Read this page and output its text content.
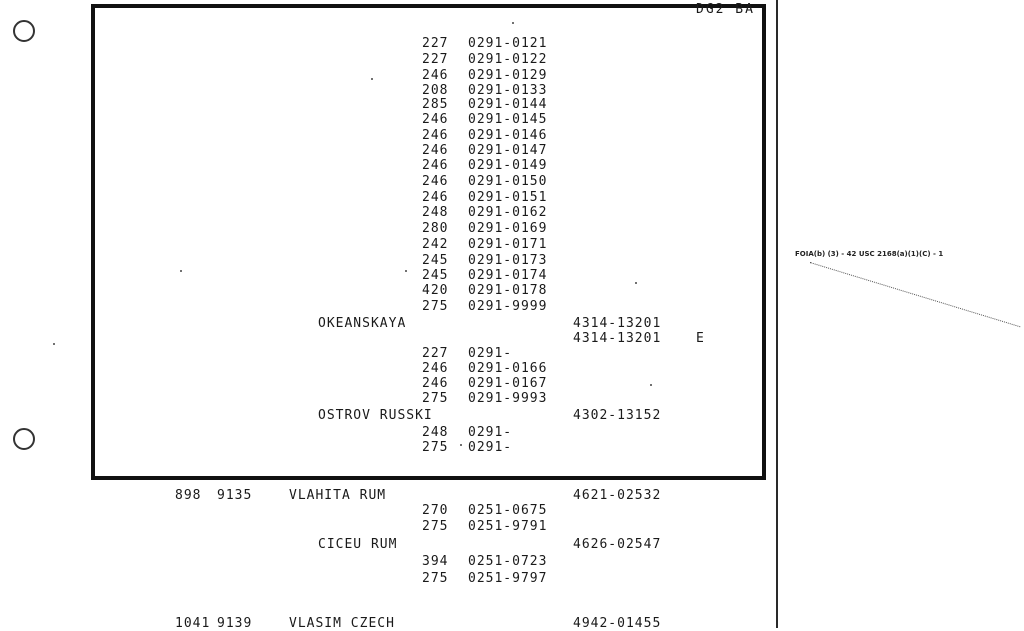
DG2 BA
227 0291-0121
227 0291-0122
246 0291-0129
208 0291-0133
285 0291-0144
246 0291-0145
246 0291-0146
246 0291-0147
246 0291-0149
246 0291-0150
246 0291-0151
248 0291-0162
280 0291-0169
242 0291-0171
245 0291-0173
245 0291-0174
420 0291-0178
275 0291-9999
OKEANSKAYA	4314-13201
4314-13201	E
227 0291-
246 0291-0166
246 0291-0167
275 0291-9993
OSTROV RUSSKI	4302-13152
248 0291-
275 0291-
898 9135	VLAHITA RUM	4621-02532
270 0251-0675
275 0251-9791
CICEU RUM	4626-02547
394 0251-0723
275 0251-9797
1041 9139	VLASIM CZECH	4942-01455
FOIA(b) (3) - 42 USC 2168(a)(1)(C) - 1
